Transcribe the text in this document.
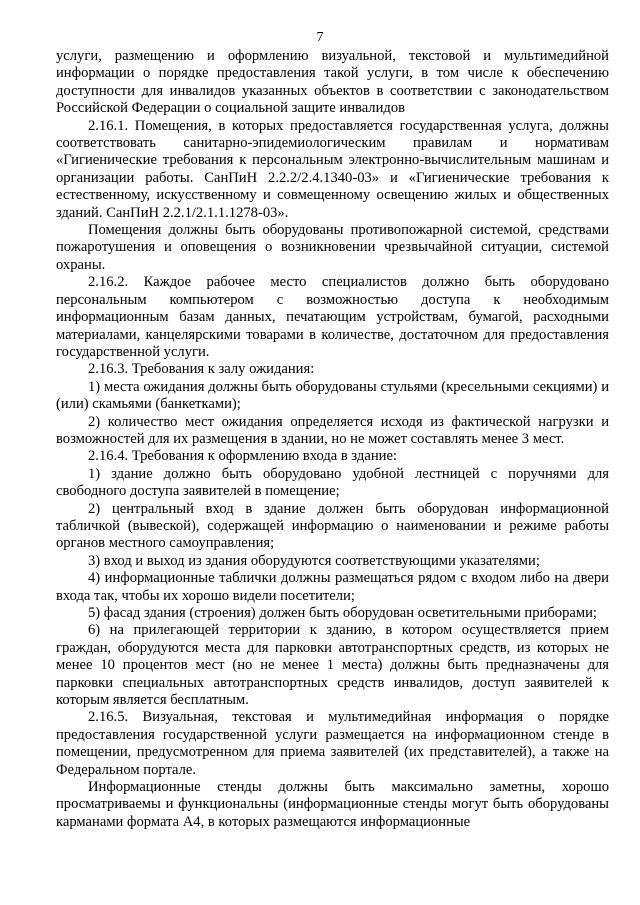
7

услуги, размещению и оформлению визуальной, текстовой и мультимедийной информации о порядке предоставления такой услуги, в том числе к обеспечению доступности для инвалидов указанных объектов в соответствии с законодательством Российской Федерации о социальной защите инвалидов

2.16.1. Помещения, в которых предоставляется государственная услуга, должны соответствовать санитарно-эпидемиологическим правилам и нормативам «Гигиенические требования к персональным электронно-вычислительным машинам и организации работы. СанПиН 2.2.2/2.4.1340-03» и «Гигиенические требования к естественному, искусственному и совмещенному освещению жилых и общественных зданий. СанПиН 2.2.1/2.1.1.1278-03».

Помещения должны быть оборудованы противопожарной системой, средствами пожаротушения и оповещения о возникновении чрезвычайной ситуации, системой охраны.

2.16.2. Каждое рабочее место специалистов должно быть оборудовано персональным компьютером с возможностью доступа к необходимым информационным базам данных, печатающим устройствам, бумагой, расходными материалами, канцелярскими товарами в количестве, достаточном для предоставления государственной услуги.

2.16.3. Требования к залу ожидания:

1) места ожидания должны быть оборудованы стульями (кресельными секциями) и (или) скамьями (банкетками);

2) количество мест ожидания определяется исходя из фактической нагрузки и возможностей для их размещения в здании, но не может составлять менее 3 мест.

2.16.4. Требования к оформлению входа в здание:

1) здание должно быть оборудовано удобной лестницей с поручнями для свободного доступа заявителей в помещение;

2) центральный вход в здание должен быть оборудован информационной табличкой (вывеской), содержащей информацию о наименовании и режиме работы органов местного самоуправления;

3) вход и выход из здания оборудуются соответствующими указателями;

4) информационные таблички должны размещаться рядом с входом либо на двери входа так, чтобы их хорошо видели посетители;

5) фасад здания (строения) должен быть оборудован осветительными приборами;

6) на прилегающей территории к зданию, в котором осуществляется прием граждан, оборудуются места для парковки автотранспортных средств, из которых не менее 10 процентов мест (но не менее 1 места) должны быть предназначены для парковки специальных автотранспортных средств инвалидов, доступ заявителей к которым является бесплатным.

2.16.5. Визуальная, текстовая и мультимедийная информация о порядке предоставления государственной услуги размещается на информационном стенде в помещении, предусмотренном для приема заявителей (их представителей), а также на Федеральном портале.

Информационные стенды должны быть максимально заметны, хорошо просматриваемы и функциональны (информационные стенды могут быть оборудованы карманами формата А4, в которых размещаются информационные
